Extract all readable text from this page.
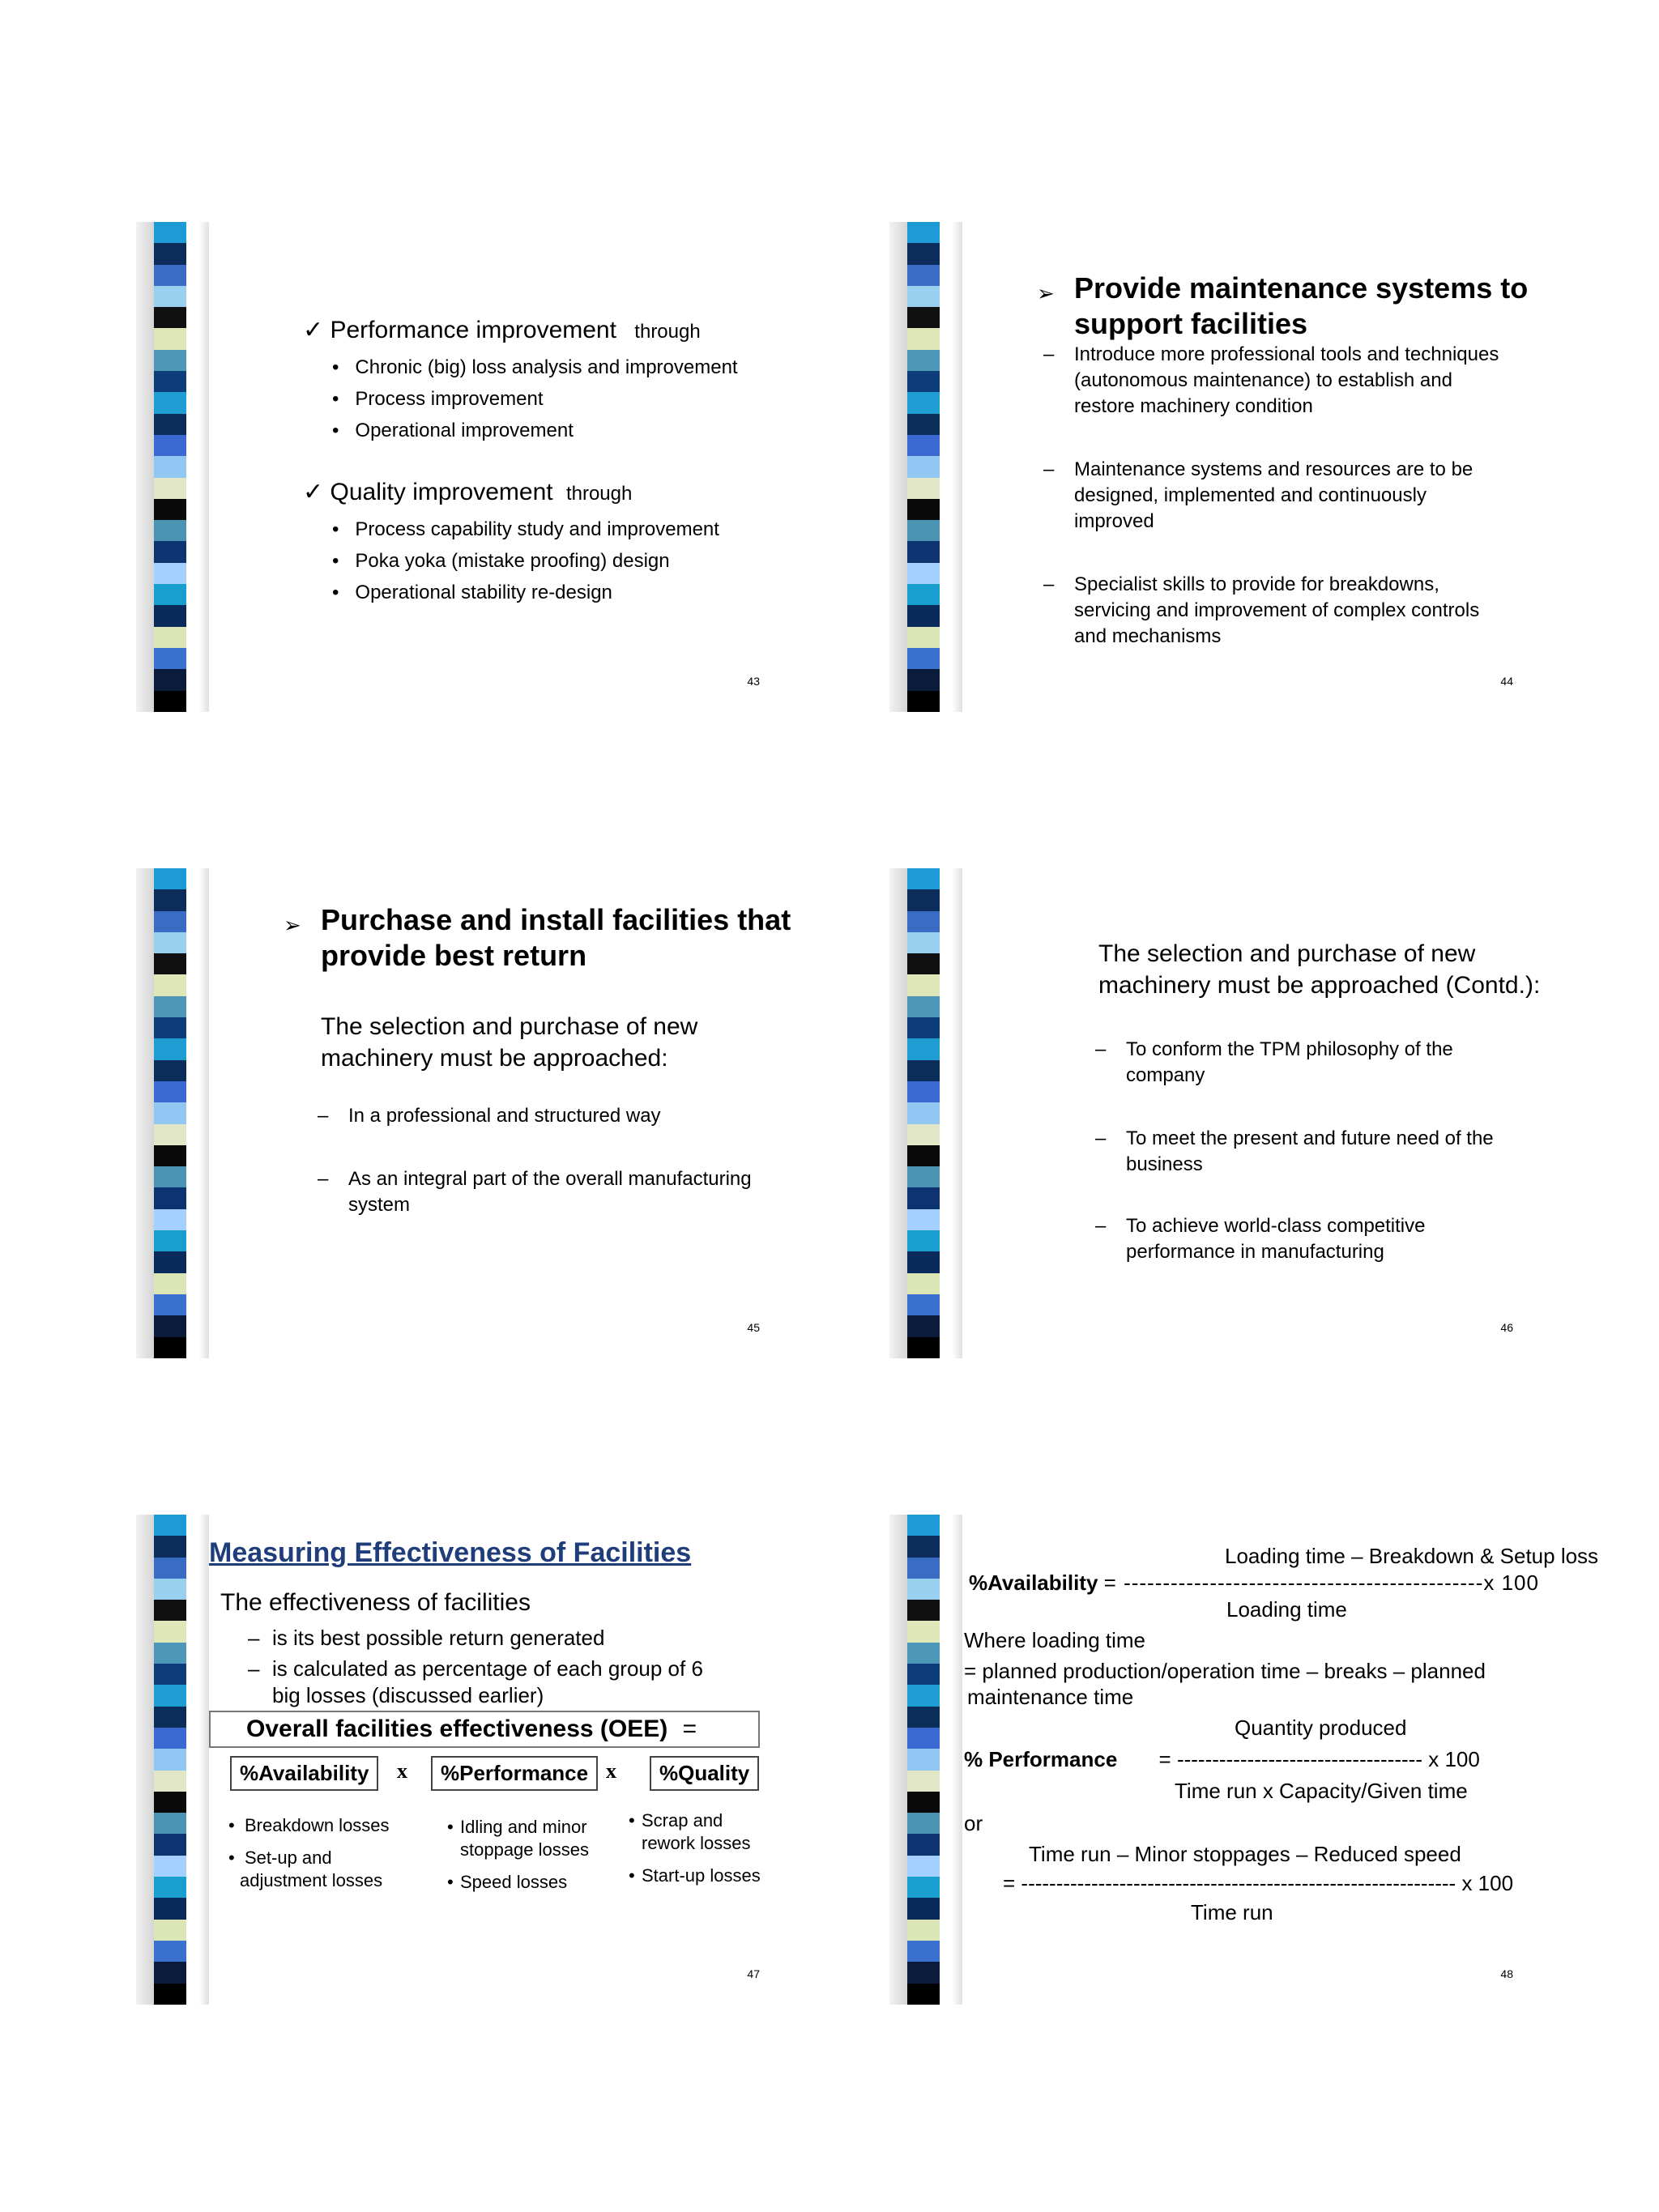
✓ Performance improvement through
•   Chronic (big) loss analysis and improvement
•   Process improvement
•   Operational improvement
✓ Quality improvement through
•   Process capability study and improvement
•   Poka yoka (mistake proofing) design
•   Operational stability re-design
43
➢ Provide maintenance systems to
support facilities
– Introduce more professional tools and techniques
(autonomous maintenance) to establish and
restore machinery condition
– Maintenance systems and resources are to be
designed, implemented and continuously
improved
– Specialist skills to provide for breakdowns,
servicing and improvement of complex controls
and mechanisms
44
➢ Purchase and install facilities that
provide best return
The selection and purchase of new
machinery must be approached:
– In a professional and structured way
– As an integral part of the overall manufacturing
system
45
The selection and purchase of new
machinery must be approached (Contd.):
– To conform the TPM philosophy of the
company
– To meet the present and future need of the
business
– To achieve world-class competitive
performance in manufacturing
46
Measuring Effectiveness of Facilities
The effectiveness of facilities
– is its best possible return generated
– is calculated as percentage of each group of 6
big losses (discussed earlier)
Overall facilities effectiveness (OEE) =
%Availability	x	%Performance x	%Quality
• Breakdown losses
• Set-up and
adjustment losses
• Idling and minor
stoppage losses
• Speed losses
• Scrap and
rework losses
• Start-up losses
47
Loading time – Breakdown & Setup loss
%Availability = ----------------------------------------------x 100
Loading time
Where loading time
= planned production/operation time – breaks – planned
maintenance time
Quantity produced
% Performance = ----------------------------------- x 100
Time run x Capacity/Given time
or
Time run – Minor stoppages – Reduced speed
= -------------------------------------------------------------- x 100
Time run
48
